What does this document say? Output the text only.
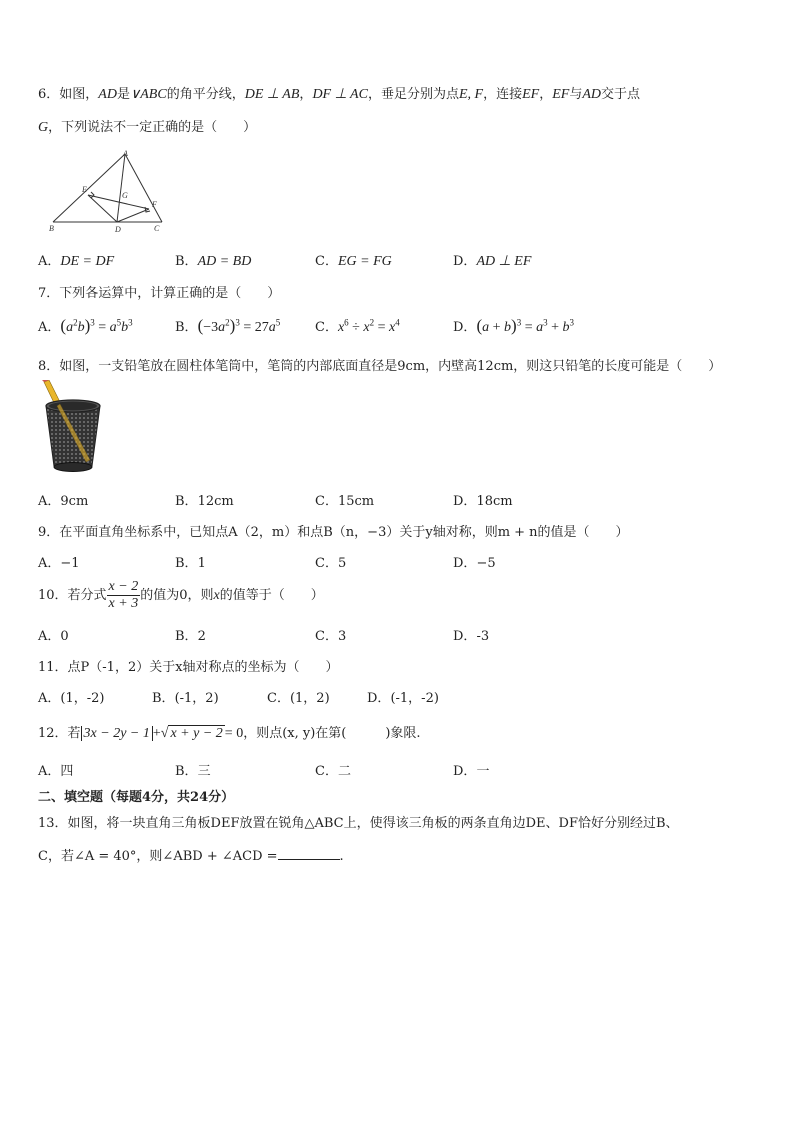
6．如图，AD是∨ABC的角平分线，DE ⊥ AB，DF ⊥ AC，垂足分别为点E, F，连接EF，EF与AD交于点
G，下列说法不一定正确的是（　　）
A
B	C
D
E
F
G
A．DE = DF	B．AD = BD	C．EG = FG	D．AD ⊥ EF
7．下列各运算中，计算正确的是（　　）
A．$(a^2b)^3 = a^5b^3$	B．$(-3a^2)^3 = 27a^5$	C．$x^6 \div x^2 = x^4$	D．$(a + b)^3 = a^3 + b^3$
8．如图，一支铅笔放在圆柱体笔筒中，笔筒的内部底面直径是9cm，内壁高12cm，则这只铅笔的长度可能是（　　）
A．9cm	B．12cm	C．15cm	D．18cm
9．在平面直角坐标系中，已知点A（2，m）和点B（n，−3）关于y轴对称，则m + n的值是（　　）
A．−1	B．1	C．5	D．−5
10．若分式 $\frac{x - 2}{x + 3}$ 的值为0，则x的值等于（　　）
A．0	B．2	C．3	D．-3
11．点P（-1，2）关于x轴对称点的坐标为（　　）
A．(1，-2)	B．(-1，2)	C．(1，2)	D．(-1，-2)
12．若 3x − 2y − 1 +√ x + y − 2 = 0，则点(x, y)在第(　　　)象限.
A．四	B．三	C．二	D．一
二、填空题（每题4分，共24分）
13．如图，将一块直角三角板DEF放置在锐角△ABC上，使得该三角板的两条直角边DE、DF恰好分别经过B、
C，若∠A = 40°，则∠ABD + ∠ACD =	.
